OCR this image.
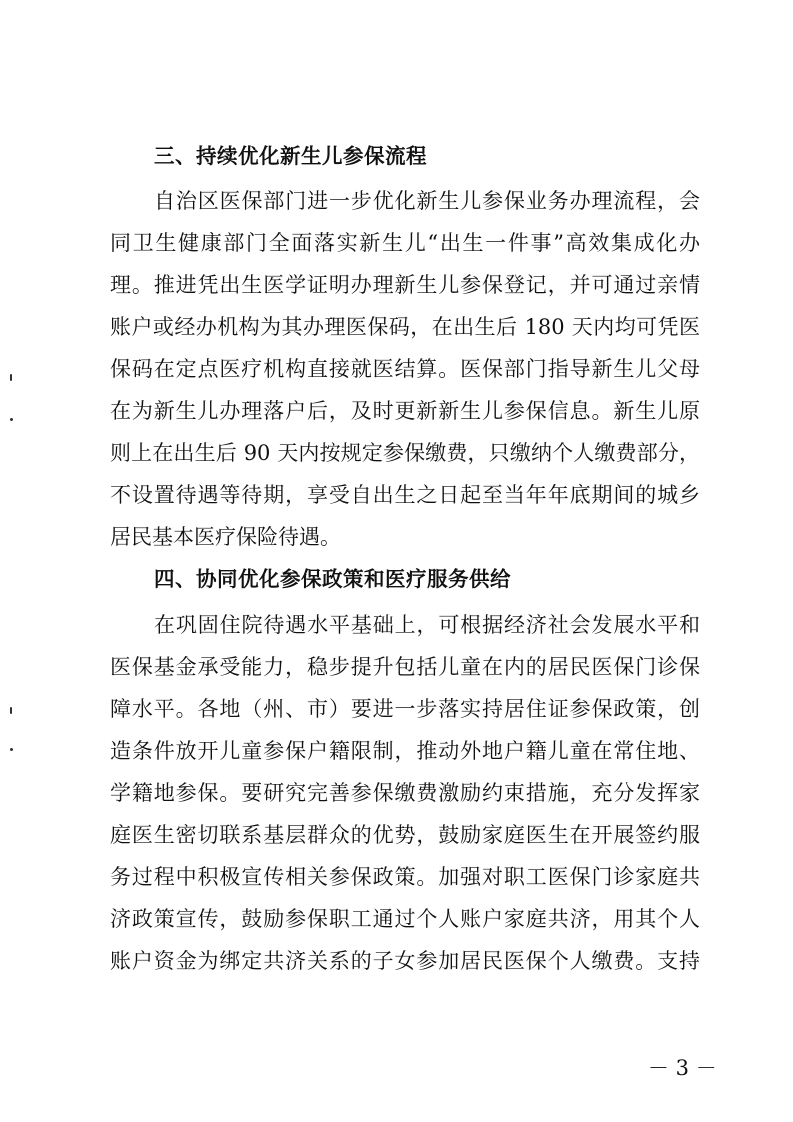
三、持续优化新生儿参保流程
自治区医保部门进一步优化新生儿参保业务办理流程，会
同卫生健康部门全面落实新生儿“出生一件事”高效集成化办
理。推进凭出生医学证明办理新生儿参保登记，并可通过亲情
账户或经办机构为其办理医保码，在出生后 180 天内均可凭医
保码在定点医疗机构直接就医结算。医保部门指导新生儿父母
在为新生儿办理落户后，及时更新新生儿参保信息。新生儿原
则上在出生后 90 天内按规定参保缴费，只缴纳个人缴费部分，
不设置待遇等待期，享受自出生之日起至当年年底期间的城乡
居民基本医疗保险待遇。
四、协同优化参保政策和医疗服务供给
在巩固住院待遇水平基础上，可根据经济社会发展水平和
医保基金承受能力，稳步提升包括儿童在内的居民医保门诊保
障水平。各地（州、市）要进一步落实持居住证参保政策，创
造条件放开儿童参保户籍限制，推动外地户籍儿童在常住地、
学籍地参保。要研究完善参保缴费激励约束措施，充分发挥家
庭医生密切联系基层群众的优势，鼓励家庭医生在开展签约服
务过程中积极宣传相关参保政策。加强对职工医保门诊家庭共
济政策宣传，鼓励参保职工通过个人账户家庭共济，用其个人
账户资金为绑定共济关系的子女参加居民医保个人缴费。支持
－ 3 －
